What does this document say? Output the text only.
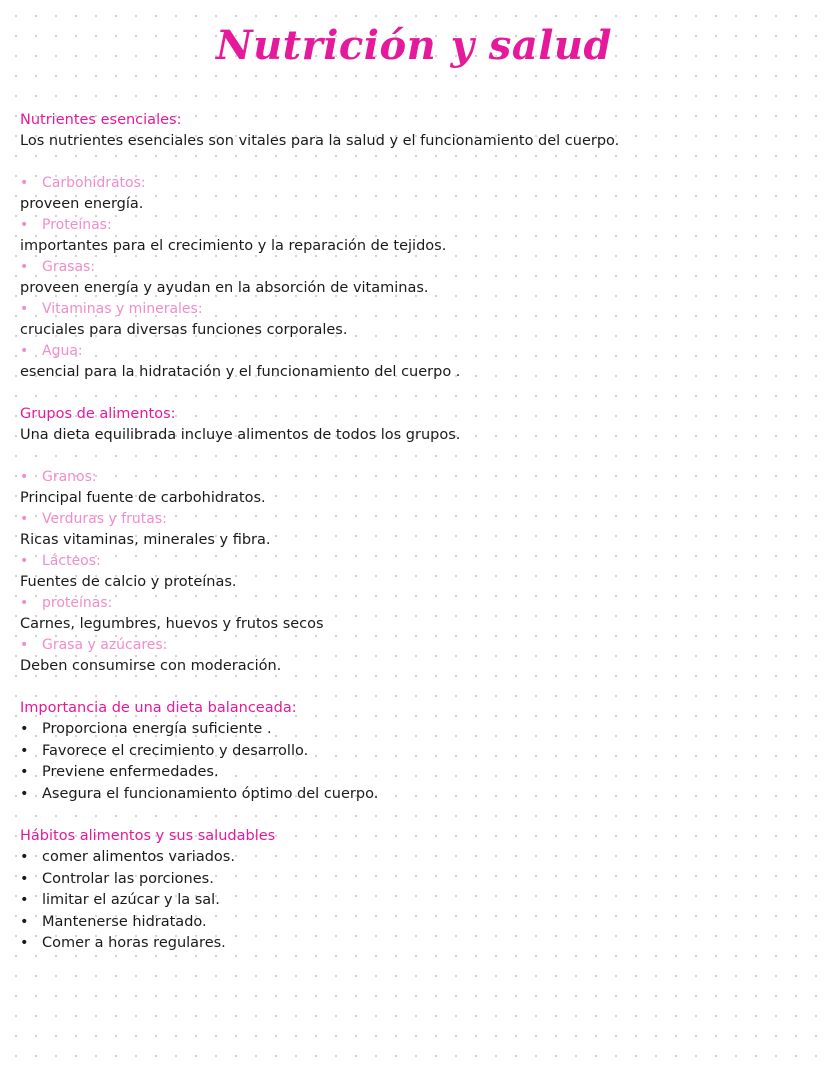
Nutrición y salud

Nutrientes esenciales:

Los nutrientes esenciales son vitales para la salud y el funcionamiento del cuerpo.

• Carbohidratos:

proveen energía.

• Proteínas:

importantes para el crecimiento y la reparación de tejidos.

• Grasas:

proveen energía y ayudan en la absorción de vitaminas.

• Vitaminas y minerales:

cruciales para diversas funciones corporales.

• Agua:

esencial para la hidratación y el funcionamiento del cuerpo .

Grupos de alimentos:

Una dieta equilibrada incluye alimentos de todos los grupos.

• Granos:

Principal fuente de carbohidratos.

• Verduras y frutas:

Ricas vitaminas, minerales y fibra.

• Lácteos:

Fuentes de calcio y proteínas.

• proteínas:

Carnes, legumbres, huevos y frutos secos

• Grasa y azúcares:

Deben consumirse con moderación.

Importancia de una dieta balanceada:

• Proporciona energía suficiente .
• Favorece el crecimiento y desarrollo.
• Previene enfermedades.
• Asegura el funcionamiento óptimo del cuerpo.

Hábitos alimentos y sus saludables

• comer alimentos variados.
• Controlar las porciones.
• limitar el azúcar y la sal.
• Mantenerse hidratado.
• Comer a horas regulares.
